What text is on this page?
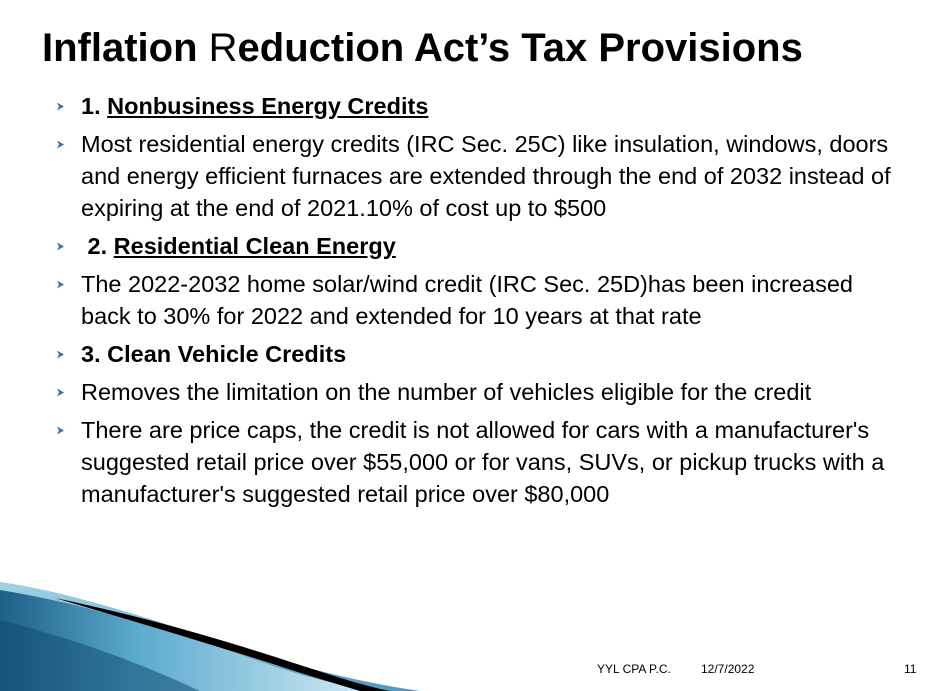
Inflation Reduction Act’s Tax Provisions
1. Nonbusiness Energy Credits
Most residential energy credits (IRC Sec. 25C) like insulation, windows, doors and energy efficient furnaces are extended through the end of 2032 instead of expiring at the end of 2021.10% of cost up to $500
2. Residential Clean Energy
The 2022-2032 home solar/wind credit (IRC Sec. 25D)has been increased back to 30% for 2022 and extended for 10 years at that rate
3. Clean Vehicle Credits
Removes the limitation on the number of vehicles eligible for the credit
There are price caps, the credit is not allowed for cars with a manufacturer's suggested retail price over $55,000 or for vans, SUVs, or pickup trucks with a manufacturer's suggested retail price over $80,000
YYL CPA P.C.	12/7/2022	11
